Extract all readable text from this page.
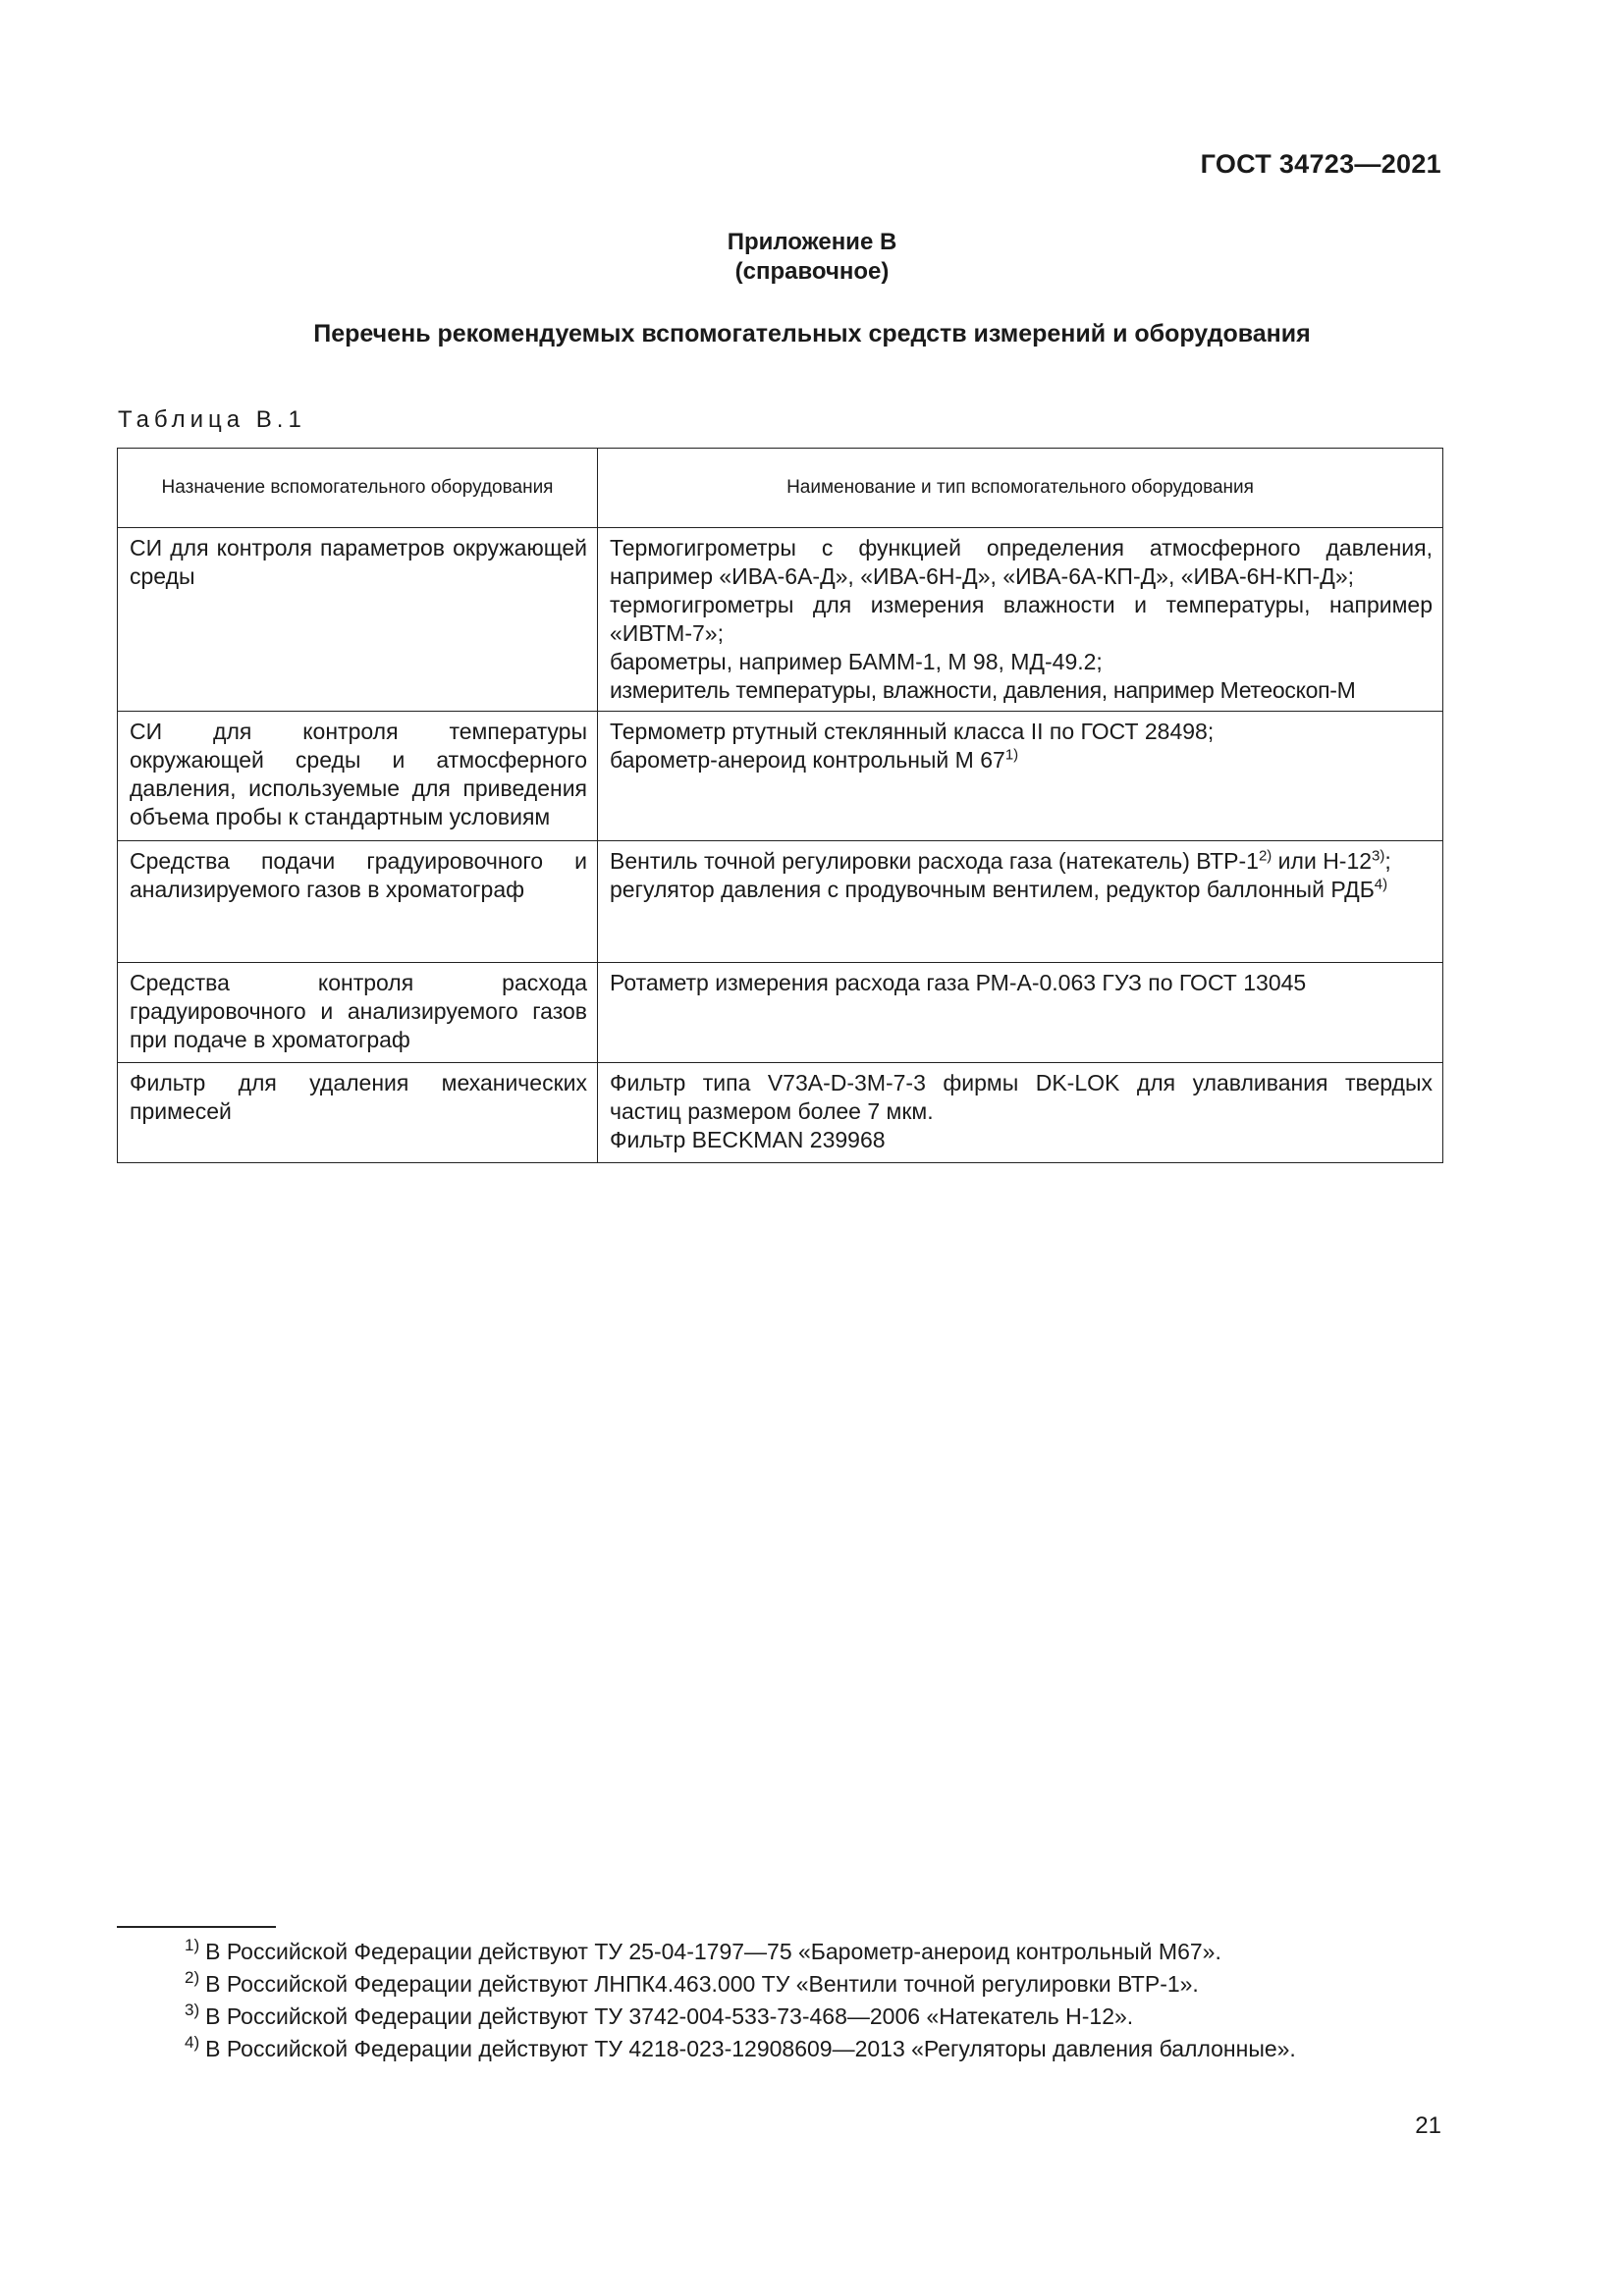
ГОСТ 34723—2021
Приложение В
(справочное)
Перечень рекомендуемых вспомогательных средств измерений и оборудования
Таблица В.1
Назначение вспомогательного оборудования	Наименование и тип вспомогательного оборудования
СИ для контроля параметров окружающей среды	Термогигрометры с функцией определения атмосферного давления, например «ИВА-6А-Д», «ИВА-6Н-Д», «ИВА-6А-КП-Д», «ИВА-6Н-КП-Д»;
термогигрометры для измерения влажности и температуры, например «ИВТМ-7»;
барометры, например БАММ-1, М 98, МД-49.2;
измеритель температуры, влажности, давления, например Метеоскоп-М

СИ для контроля температуры окружающей среды и атмосферного давления, используемые для приведения объема пробы к стандартным условиям	Термометр ртутный стеклянный класса II по ГОСТ 28498;
барометр-анероид контрольный М 67$^{1)}$

Средства подачи градуировочного и анализируемого газов в хроматограф	Вентиль точной регулировки расхода газа (натекатель) ВТР-1$^{2)}$ или Н-12$^{3)}$;
регулятор давления с продувочным вентилем, редуктор баллонный РДБ$^{4)}$

Средства контроля расхода градуировочного и анализируемого газов при подаче в хроматограф	Ротаметр измерения расхода газа РМ-А-0.063 ГУЗ по ГОСТ 13045

Фильтр для удаления механических примесей	Фильтр типа V73A-D-3M-7-3 фирмы DK-LOK для улавливания твердых частиц размером более 7 мкм.
Фильтр BECKMAN 239968
$^{1)}$ В Российской Федерации действуют ТУ 25-04-1797—75 «Барометр-анероид контрольный М67».
$^{2)}$ В Российской Федерации действуют ЛНПК4.463.000 ТУ «Вентили точной регулировки ВТР-1».
$^{3)}$ В Российской Федерации действуют ТУ 3742-004-533-73-468—2006 «Натекатель Н-12».
$^{4)}$ В Российской Федерации действуют ТУ 4218-023-12908609—2013 «Регуляторы давления баллонные».
21
